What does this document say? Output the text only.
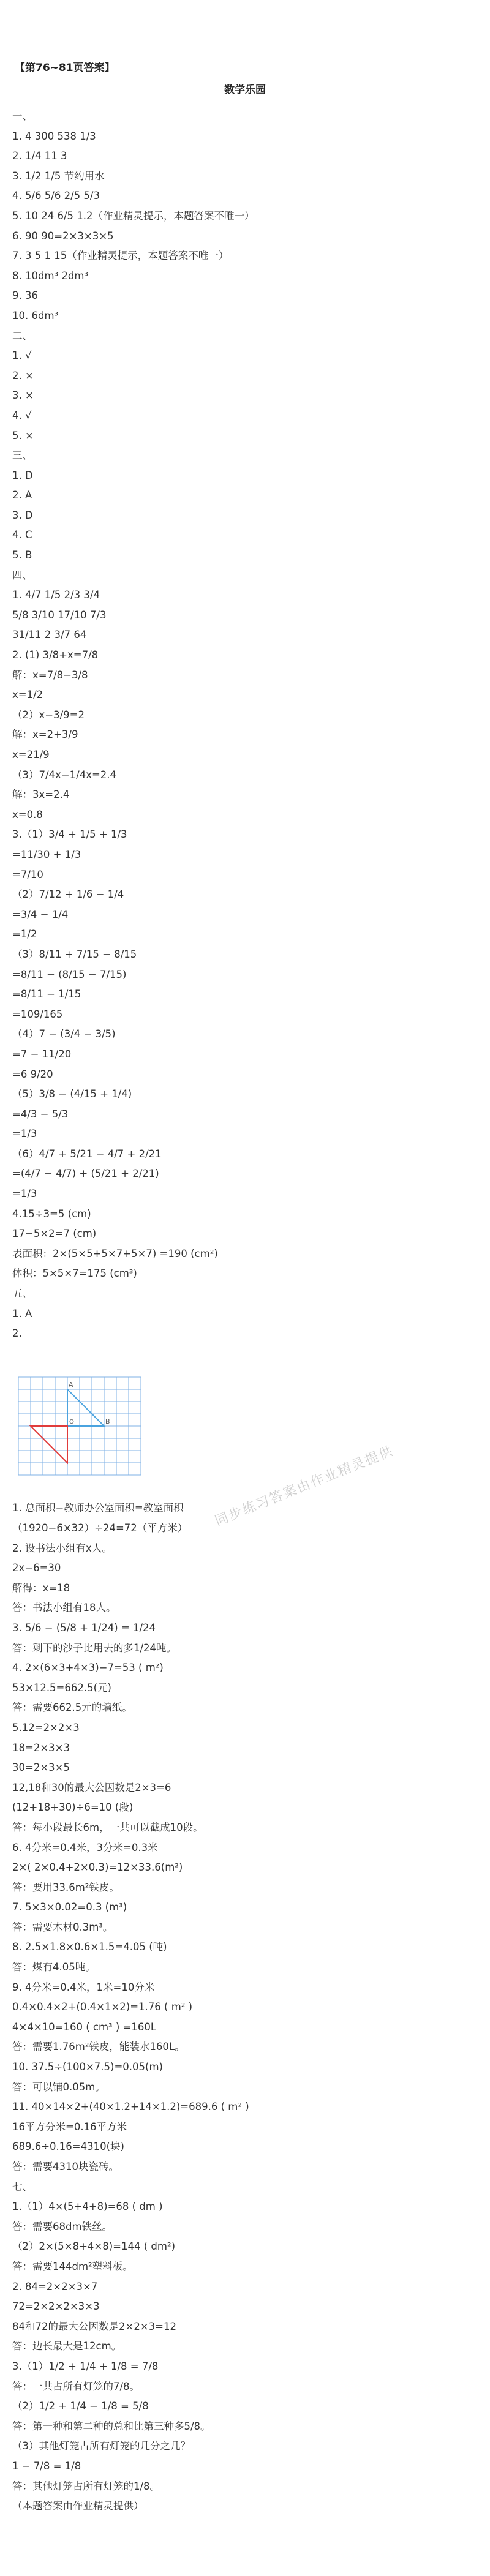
【第76~81页答案】
数学乐园
一、
1. 4 300 538 1/3
2. 1/4 11 3
3. 1/2 1/5 节约用水
4. 5/6 5/6 2/5 5/3
5. 10 24 6/5 1.2（作业精灵提示，本题答案不唯一）
6. 90 90=2×3×3×5
7. 3 5 1 15（作业精灵提示，本题答案不唯一）
8. 10dm³ 2dm³
9. 36
10. 6dm³
二、
1. √
2. ×
3. ×
4. √
5. ×
三、
1. D
2. A
3. D
4. C
5. B
四、
1. 4/7 1/5 2/3 3/4
5/8 3/10 17/10 7/3
31/11 2 3/7 64
2. (1) 3/8+x=7/8
解：x=7/8−3/8
x=1/2
（2）x−3/9=2
解：x=2+3/9
x=21/9
（3）7/4x−1/4x=2.4
解：3x=2.4
x=0.8
3.（1）3/4 + 1/5 + 1/3
=11/30 + 1/3
=7/10
（2）7/12 + 1/6 − 1/4
=3/4 − 1/4
=1/2
（3）8/11 + 7/15 − 8/15
=8/11 − (8/15 − 7/15)
=8/11 − 1/15
=109/165
（4）7 − (3/4 − 3/5)
=7 − 11/20
=6 9/20
（5）3/8 − (4/15 + 1/4)
=4/3 − 5/3
=1/3
（6）4/7 + 5/21 − 4/7 + 2/21
=(4/7 − 4/7) + (5/21 + 2/21)
=1/3
4.15÷3=5 (cm)
17−5×2=7 (cm)
表面积：2×(5×5+5×7+5×7) =190 (cm²)
体积：5×5×7=175 (cm³)
五、
1. A
2.
A
B
O
1. 总面积−教师办公室面积=教室面积
（1920−6×32）÷24=72（平方米）
2. 设书法小组有x人。
2x−6=30
解得：x=18
答：书法小组有18人。
3. 5/6 − (5/8 + 1/24) = 1/24
答：剩下的沙子比用去的多1/24吨。
4. 2×(6×3+4×3)−7=53 ( m²)
53×12.5=662.5(元)
答：需要662.5元的墙纸。
5.12=2×2×3
18=2×3×3
30=2×3×5
12,18和30的最大公因数是2×3=6
(12+18+30)÷6=10 (段)
答：每小段最长6m，一共可以截成10段。
6. 4分米=0.4米，3分米=0.3米
2×( 2×0.4+2×0.3)=12×33.6(m²)
答：要用33.6m²铁皮。
7. 5×3×0.02=0.3 (m³)
答：需要木材0.3m³。
8. 2.5×1.8×0.6×1.5=4.05 (吨)
答：煤有4.05吨。
9. 4分米=0.4米，1米=10分米
0.4×0.4×2+(0.4×1×2)=1.76 ( m² )
4×4×10=160 ( cm³ ) =160L
答：需要1.76m²铁皮，能装水160L。
10. 37.5÷(100×7.5)=0.05(m)
答：可以铺0.05m。
11. 40×14×2+(40×1.2+14×1.2)=689.6 ( m² )
16平方分米=0.16平方米
689.6÷0.16=4310(块)
答：需要4310块瓷砖。
七、
1.（1）4×(5+4+8)=68 ( dm )
答：需要68dm铁丝。
（2）2×(5×8+4×8)=144 ( dm²)
答：需要144dm²塑料板。
2. 84=2×2×3×7
72=2×2×2×3×3
84和72的最大公因数是2×2×3=12
答：边长最大是12cm。
3.（1）1/2 + 1/4 + 1/8 = 7/8
答：一共占所有灯笼的7/8。
（2）1/2 + 1/4 − 1/8 = 5/8
答：第一种和第二种的总和比第三种多5/8。
（3）其他灯笼占所有灯笼的几分之几？
1 − 7/8 = 1/8
答：其他灯笼占所有灯笼的1/8。
（本题答案由作业精灵提供）
同步练习答案由作业精灵提供
